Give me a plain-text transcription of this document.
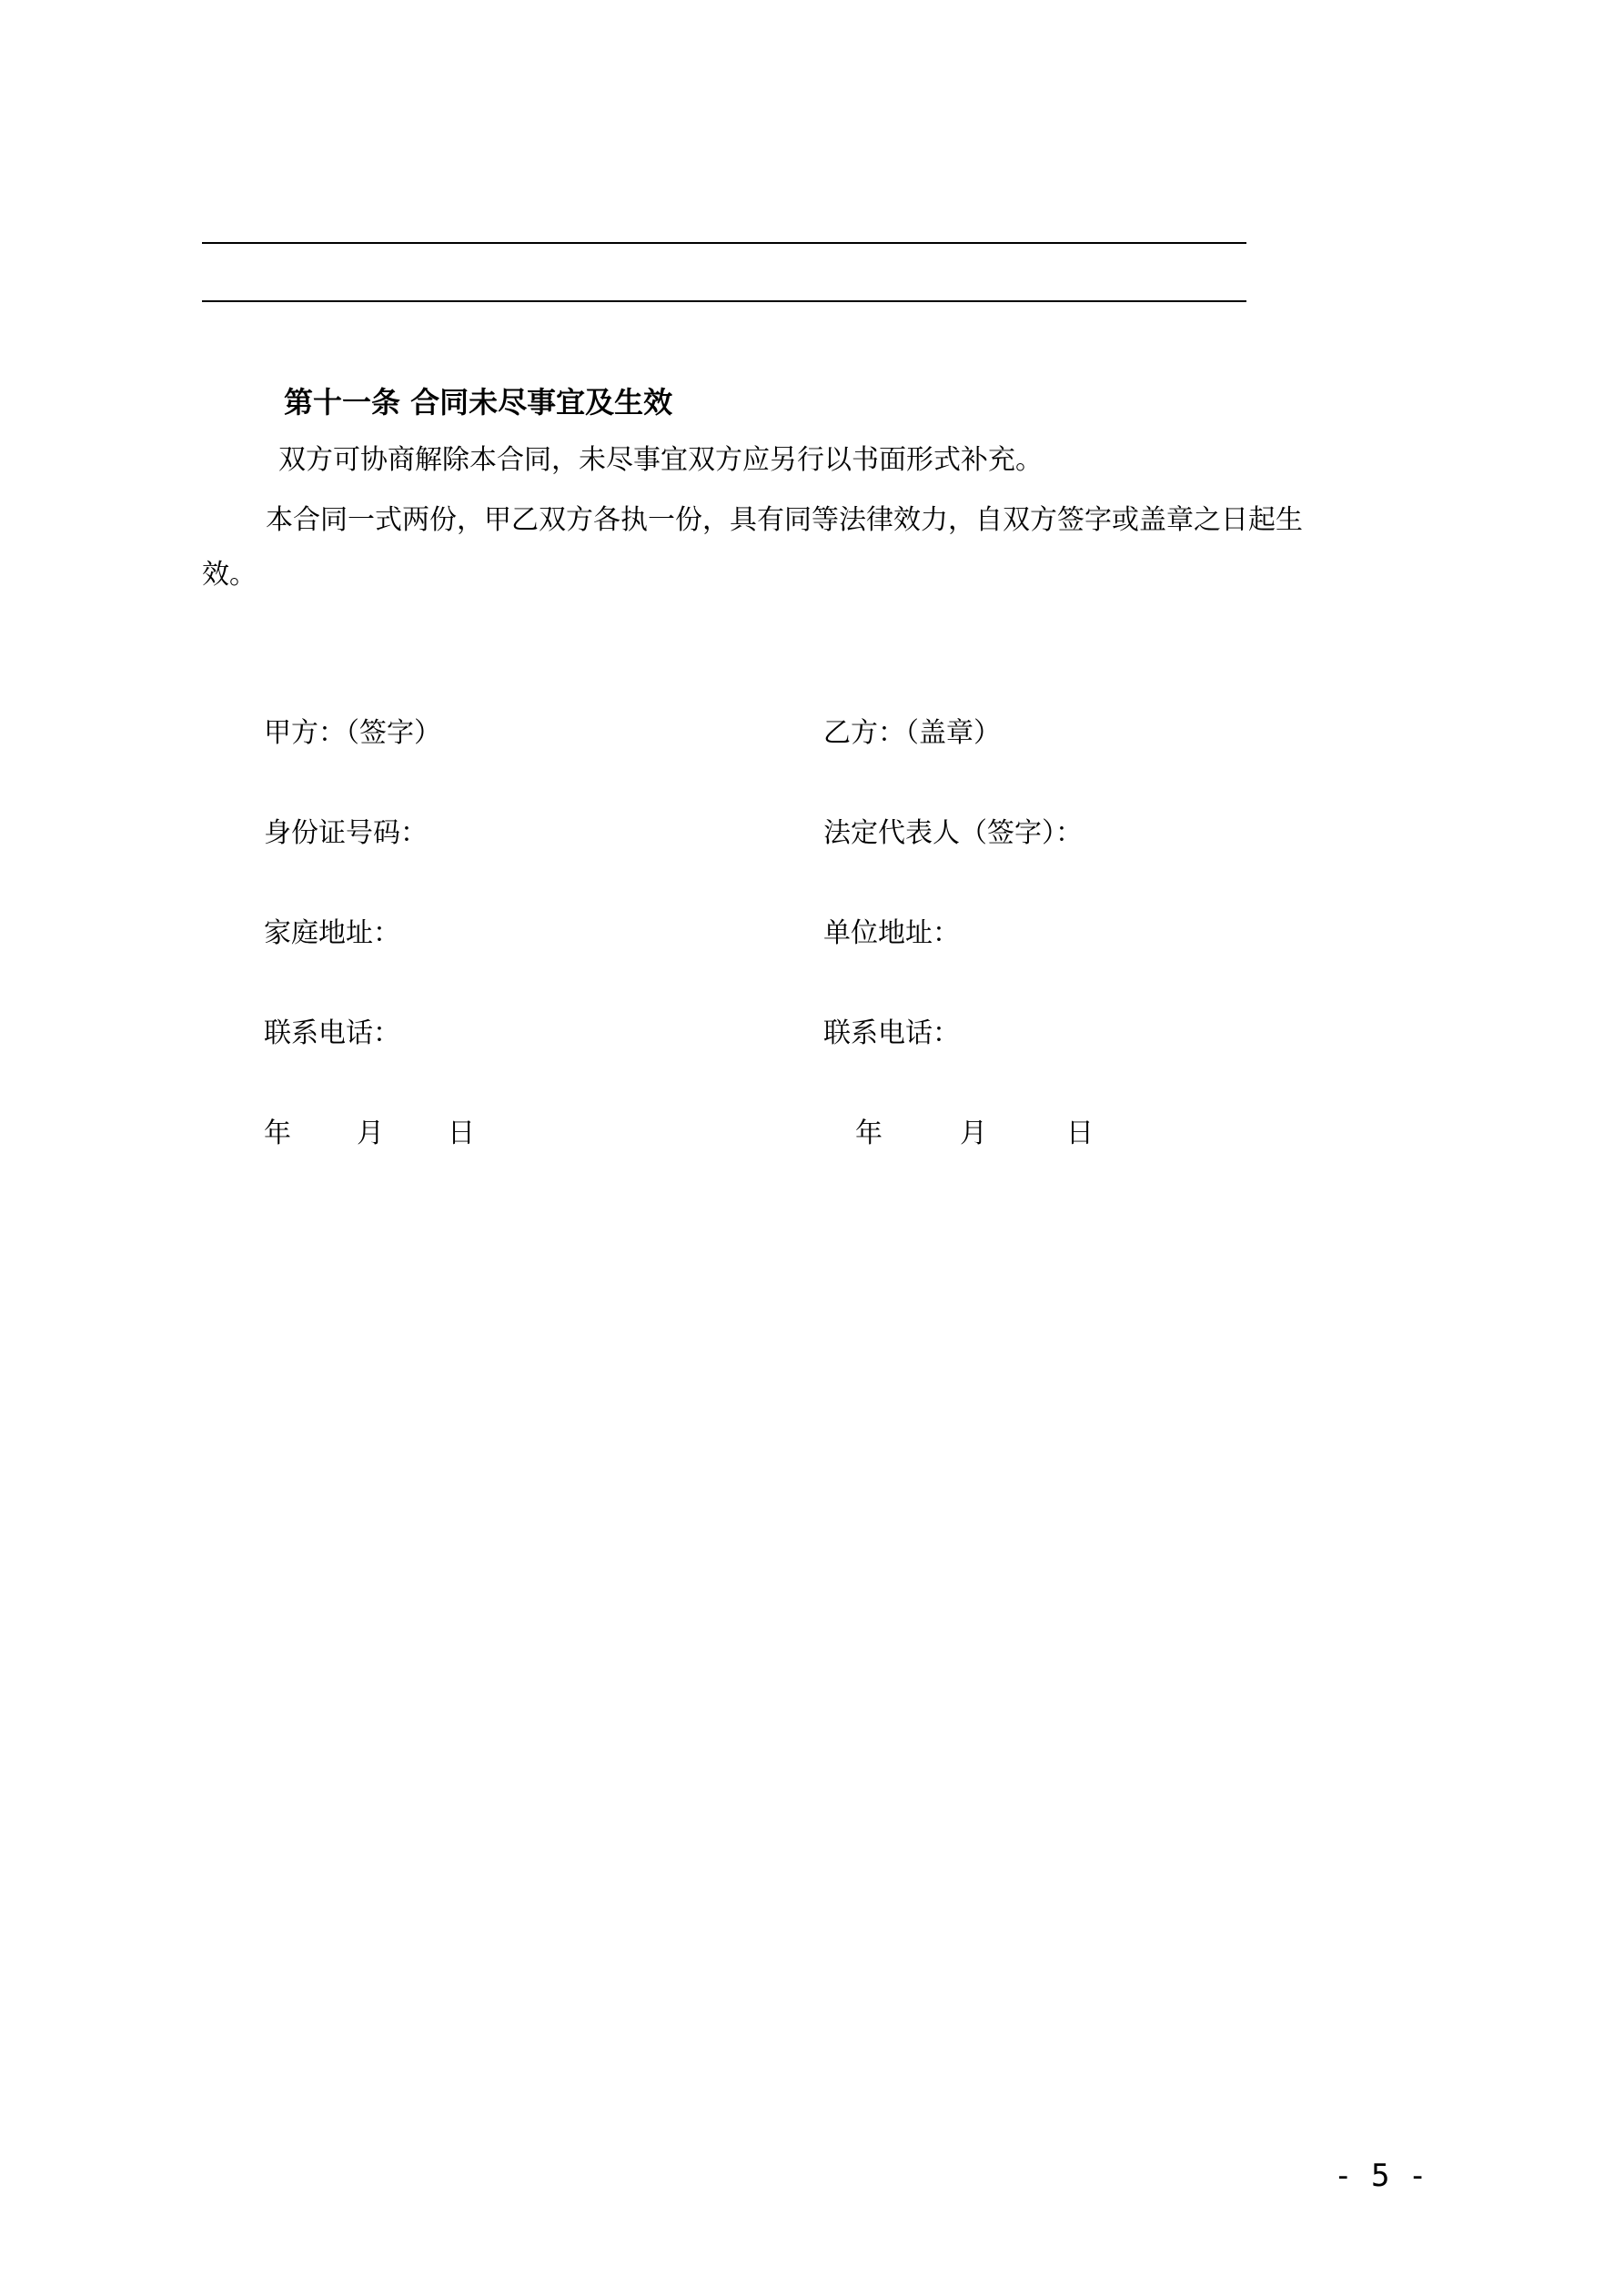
第十一条 合同未尽事宜及生效
双方可协商解除本合同，未尽事宜双方应另行以书面形式补充。
本合同一式两份，甲乙双方各执一份，具有同等法律效力，自双方签字或盖章之日起生
效。
甲方：（签字）
身份证号码：
家庭地址：
联系电话：
年 月 日
乙方：（盖章）
法定代表人（签字）：
单位地址：
联系电话：
年	月	日
- 5 -
